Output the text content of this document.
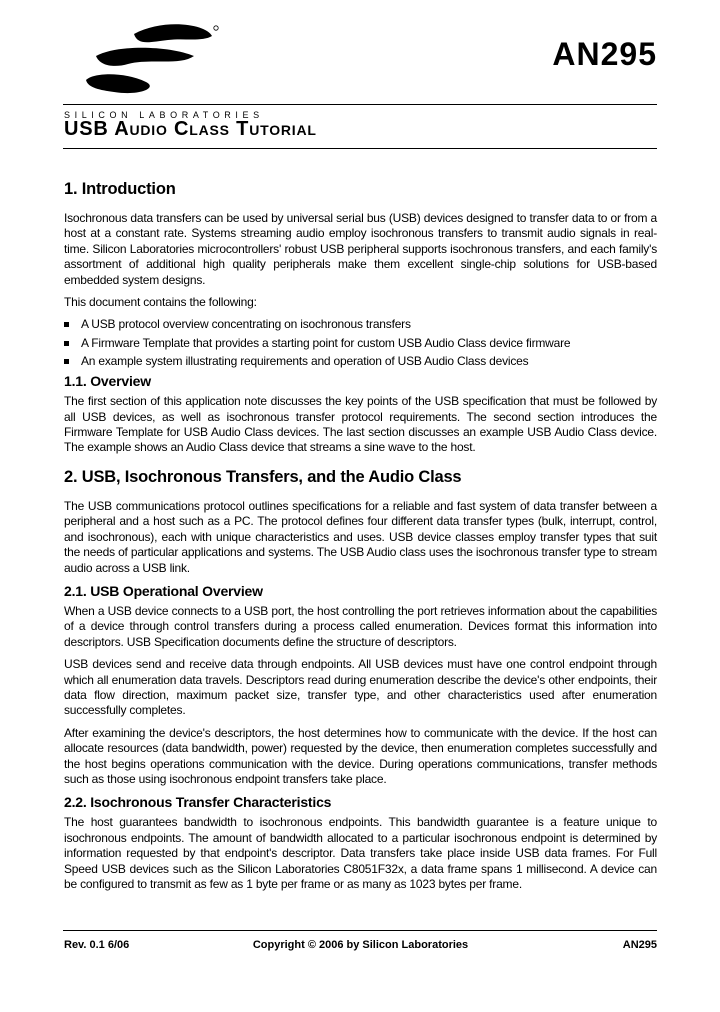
SILICON LABORATORIES
AN295
USB Audio Class Tutorial
1. Introduction

Isochronous data transfers can be used by universal serial bus (USB) devices designed to transfer data to or from a host at a constant rate. Systems streaming audio employ isochronous transfers to transmit audio signals in real-time. Silicon Laboratories microcontrollers' robust USB peripheral supports isochronous transfers, and each family's assortment of additional high quality peripherals make them excellent single-chip solutions for USB-based embedded system designs.

This document contains the following:

A USB protocol overview concentrating on isochronous transfers
A Firmware Template that provides a starting point for custom USB Audio Class device firmware
An example system illustrating requirements and operation of USB Audio Class devices
1.1. Overview

The first section of this application note discusses the key points of the USB specification that must be followed by all USB devices, as well as isochronous transfer protocol requirements. The second section introduces the Firmware Template for USB Audio Class devices. The last section discusses an example USB Audio Class device. The example shows an Audio Class device that streams a sine wave to the host.

2. USB, Isochronous Transfers, and the Audio Class

The USB communications protocol outlines specifications for a reliable and fast system of data transfer between a peripheral and a host such as a PC. The protocol defines four different data transfer types (bulk, interrupt, control, and isochronous), each with unique characteristics and uses. USB device classes employ transfer types that suit the needs of particular applications and systems. The USB Audio class uses the isochronous transfer type to stream audio across a USB link.

2.1. USB Operational Overview

When a USB device connects to a USB port, the host controlling the port retrieves information about the capabilities of a device through control transfers during a process called enumeration. Devices format this information into descriptors. USB Specification documents define the structure of descriptors.

USB devices send and receive data through endpoints. All USB devices must have one control endpoint through which all enumeration data travels. Descriptors read during enumeration describe the device's other endpoints, their data flow direction, maximum packet size, transfer type, and other characteristics used after enumeration successfully completes.

After examining the device's descriptors, the host determines how to communicate with the device. If the host can allocate resources (data bandwidth, power) requested by the device, then enumeration completes successfully and the host begins operations communication with the device. During operations communications, transfer methods such as those using isochronous endpoint transfers take place.

2.2. Isochronous Transfer Characteristics

The host guarantees bandwidth to isochronous endpoints. This bandwidth guarantee is a feature unique to isochronous endpoints. The amount of bandwidth allocated to a particular isochronous endpoint is determined by information requested by that endpoint's descriptor. Data transfers take place inside USB data frames. For Full Speed USB devices such as the Silicon Laboratories C8051F32x, a data frame spans 1 millisecond. A device can be configured to transmit as few as 1 byte per frame or as many as 1023 bytes per frame.

Rev. 0.1 6/06	Copyright © 2006 by Silicon Laboratories	AN295
